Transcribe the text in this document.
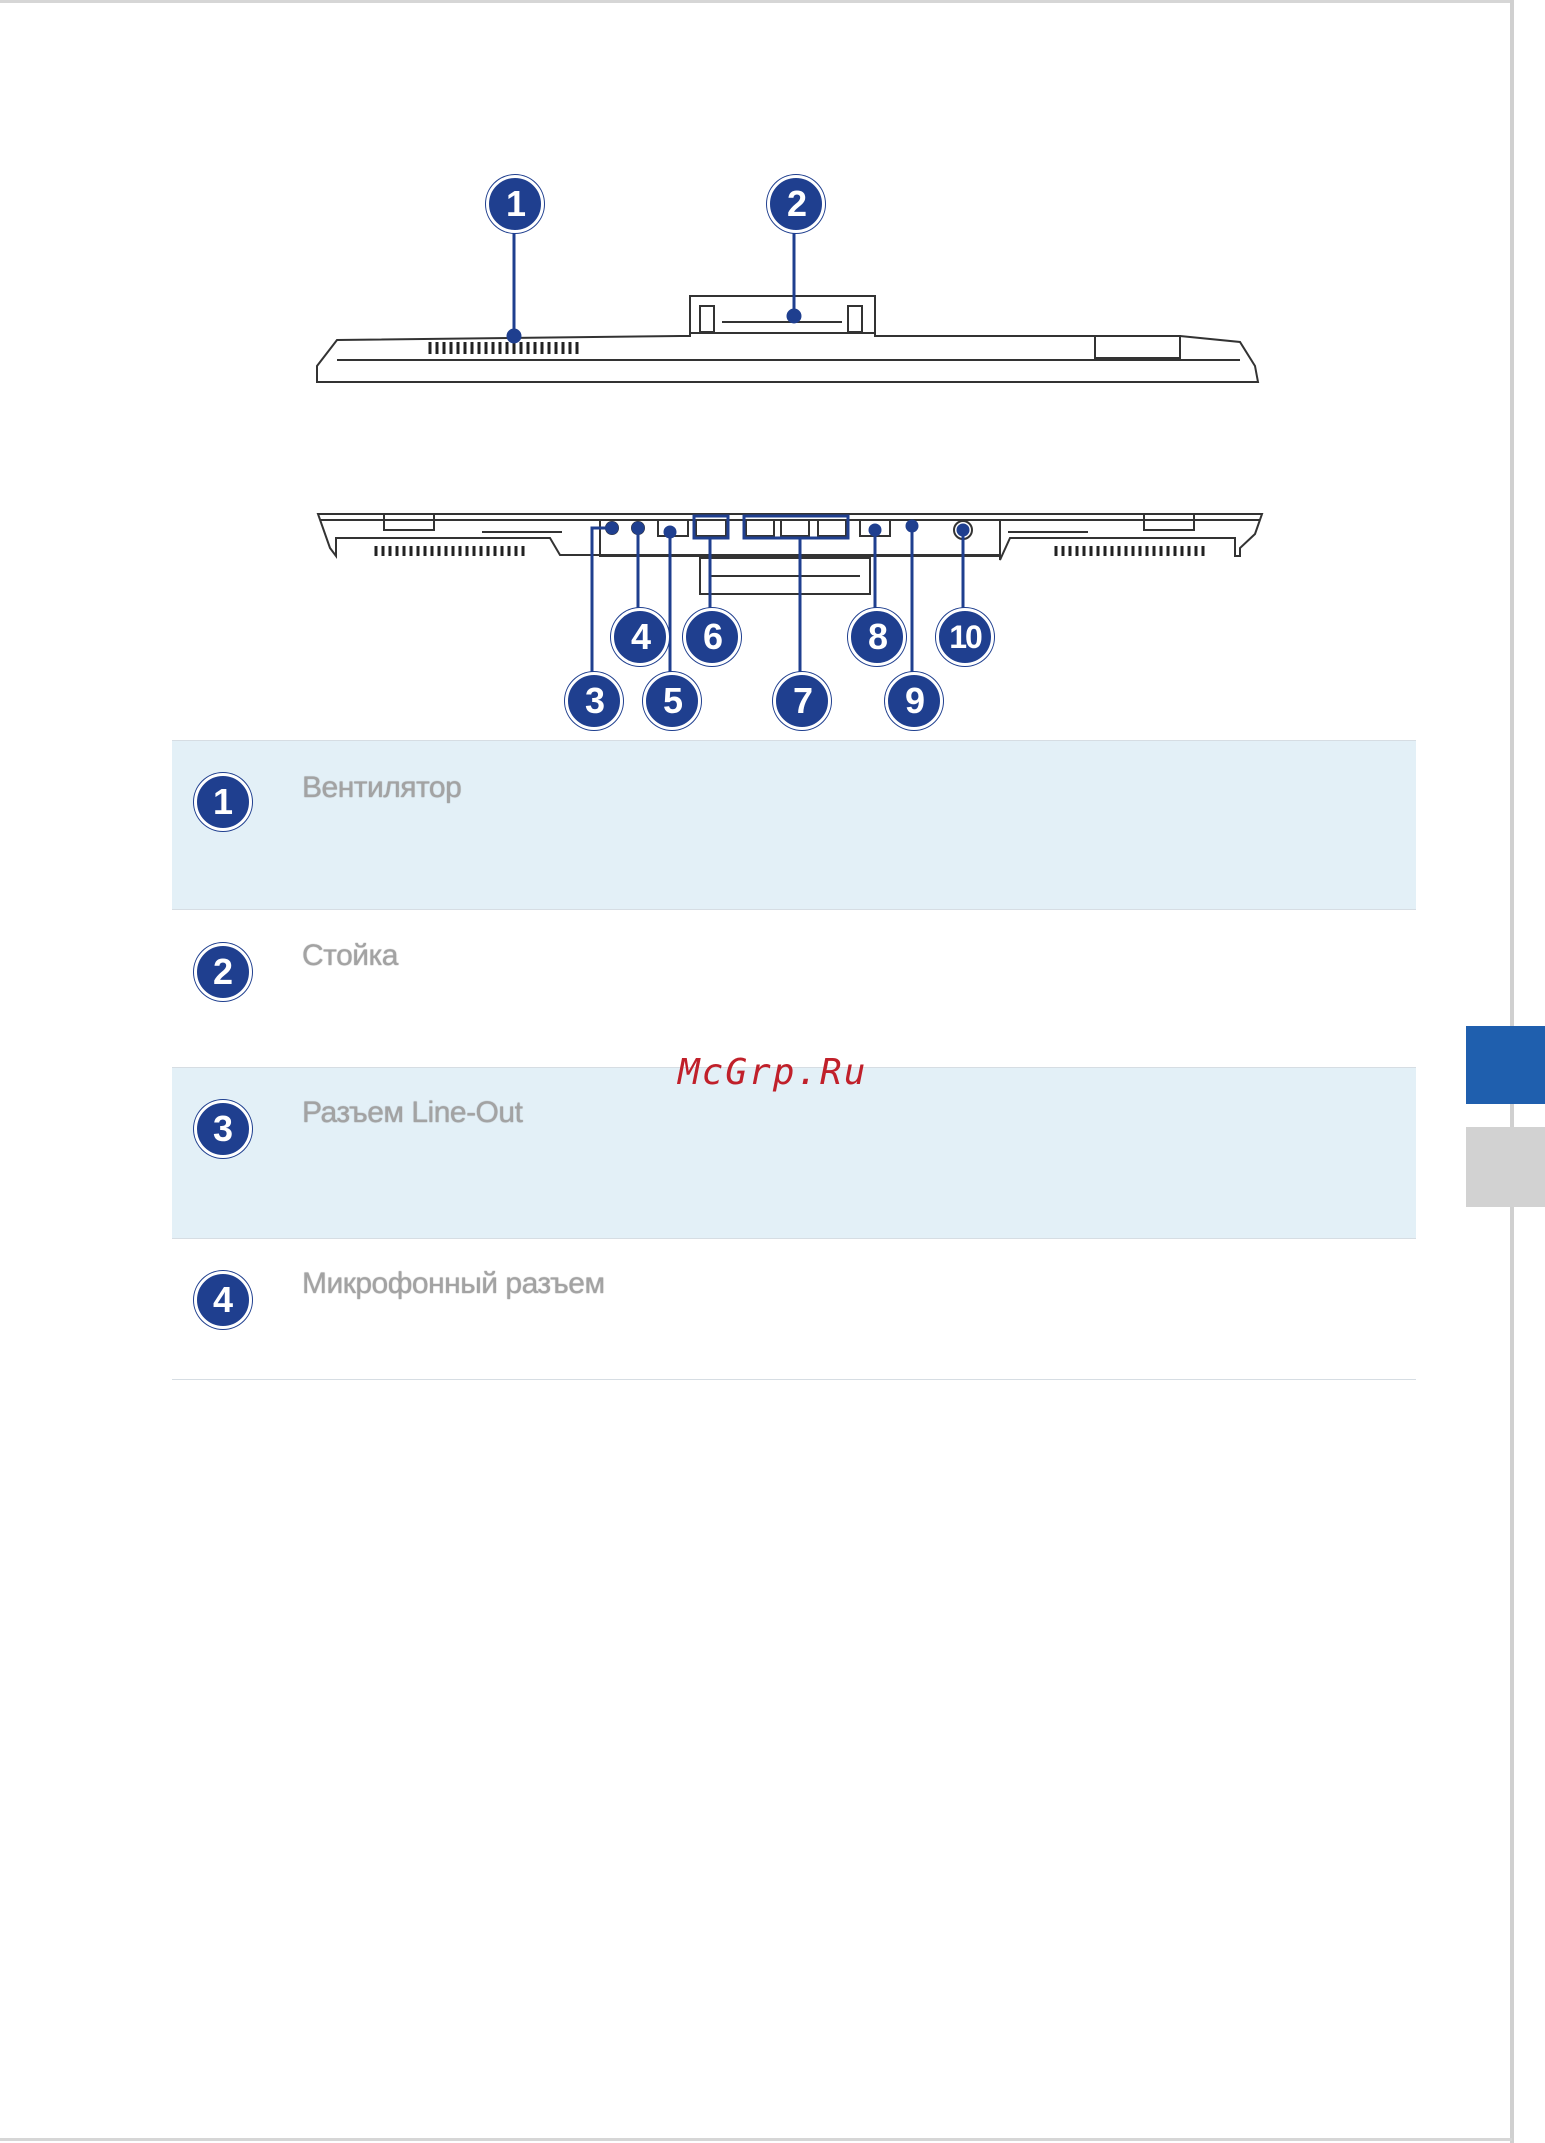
1	2
3
4
5
6
7
8
9
10
1	Вентилятор
2	Стойка
3	Разъем Line-Out
4	Микрофонный разъем
McGrp.Ru
